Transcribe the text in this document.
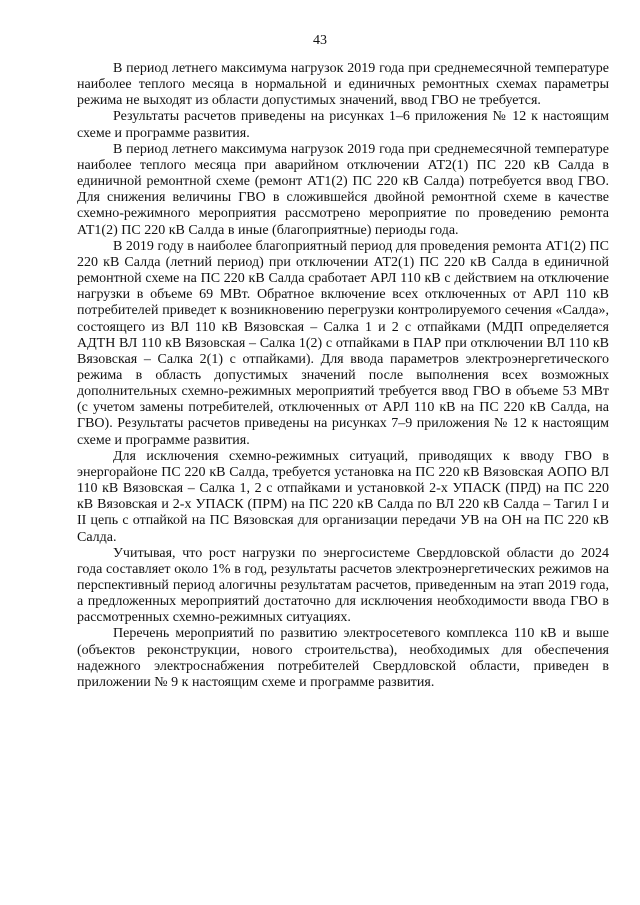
43

В период летнего максимума нагрузок 2019 года при среднемесячной температуре наиболее теплого месяца в нормальной и единичных ремонтных схемах параметры режима не выходят из области допустимых значений, ввод ГВО не требуется.

Результаты расчетов приведены на рисунках 1–6 приложения № 12 к настоящим схеме и программе развития.

В период летнего максимума нагрузок 2019 года при среднемесячной температуре наиболее теплого месяца при аварийном отключении АТ2(1) ПС 220 кВ Салда в единичной ремонтной схеме (ремонт АТ1(2) ПС 220 кВ Салда) потребуется ввод ГВО. Для снижения величины ГВО в сложившейся двойной ремонтной схеме в качестве схемно-режимного мероприятия рассмотрено мероприятие по проведению ремонта АТ1(2) ПС 220 кВ Салда в иные (благоприятные) периоды года.

В 2019 году в наиболее благоприятный период для проведения ремонта АТ1(2) ПС 220 кВ Салда (летний период) при отключении АТ2(1) ПС 220 кВ Салда в единичной ремонтной схеме на ПС 220 кВ Салда сработает АРЛ 110 кВ с действием на отключение нагрузки в объеме 69 МВт. Обратное включение всех отключенных от АРЛ 110 кВ потребителей приведет к возникновению перегрузки контролируемого сечения «Салда», состоящего из ВЛ 110 кВ Вязовская – Салка 1 и 2 с отпайками (МДП определяется АДТН ВЛ 110 кВ Вязовская – Салка 1(2) с отпайками в ПАР при отключении ВЛ 110 кВ Вязовская – Салка 2(1) с отпайками). Для ввода параметров электроэнергетического режима в область допустимых значений после выполнения всех возможных дополнительных схемно-режимных мероприятий требуется ввод ГВО в объеме 53 МВт (с учетом замены потребителей, отключенных от АРЛ 110 кВ на ПС 220 кВ Салда, на ГВО). Результаты расчетов приведены на рисунках 7–9 приложения № 12 к настоящим схеме и программе развития.

Для исключения схемно-режимных ситуаций, приводящих к вводу ГВО в энергорайоне ПС 220 кВ Салда, требуется установка на ПС 220 кВ Вязовская АОПО ВЛ 110 кВ Вязовская – Салка 1, 2 с отпайками и установкой 2-х УПАСК (ПРД) на ПС 220 кВ Вязовская и 2-х УПАСК (ПРМ) на ПС 220 кВ Салда по ВЛ 220 кВ Салда – Тагил I и II цепь с отпайкой на ПС Вязовская для организации передачи УВ на ОН на ПС 220 кВ Салда.

Учитывая, что рост нагрузки по энергосистеме Свердловской области до 2024 года составляет около 1% в год, результаты расчетов электроэнергетических режимов на перспективный период алогичны результатам расчетов, приведенным на этап 2019 года, а предложенных мероприятий достаточно для исключения необходимости ввода ГВО в рассмотренных схемно-режимных ситуациях.

Перечень мероприятий по развитию электросетевого комплекса 110 кВ и выше (объектов реконструкции, нового строительства), необходимых для обеспечения надежного электроснабжения потребителей Свердловской области, приведен в приложении № 9 к настоящим схеме и программе развития.
